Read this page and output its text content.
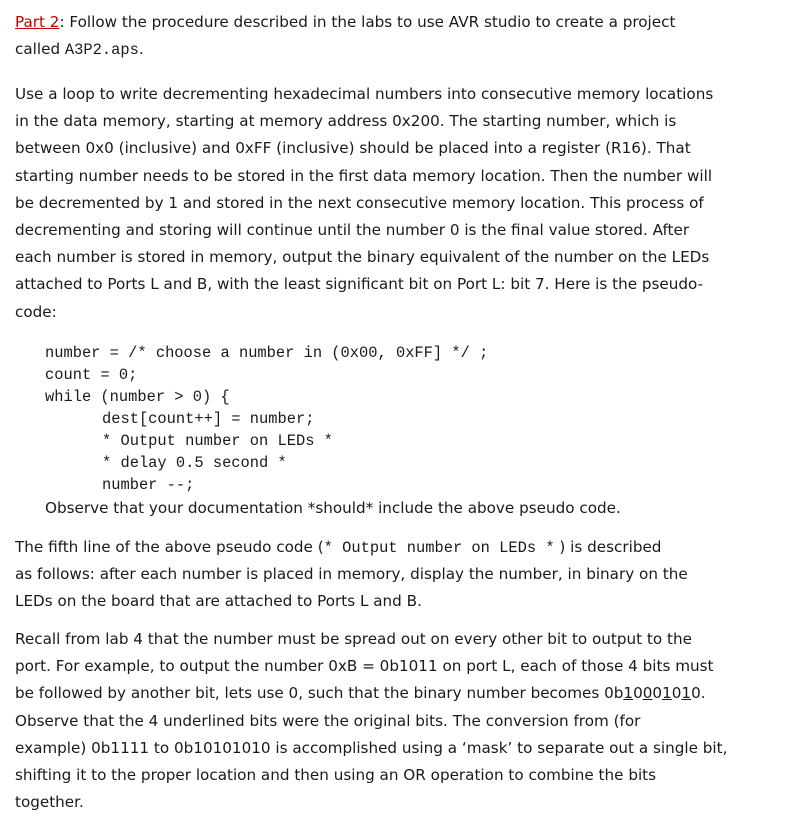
Part 2: Follow the procedure described in the labs to use AVR studio to create a project
called A3P2.aps.
Use a loop to write decrementing hexadecimal numbers into consecutive memory locations
in the data memory, starting at memory address 0x200. The starting number, which is
between 0x0 (inclusive) and 0xFF (inclusive) should be placed into a register (R16). That
starting number needs to be stored in the first data memory location. Then the number will
be decremented by 1 and stored in the next consecutive memory location. This process of
decrementing and storing will continue until the number 0 is the final value stored. After
each number is stored in memory, output the binary equivalent of the number on the LEDs
attached to Ports L and B, with the least significant bit on Port L: bit 7. Here is the pseudo-
code:
number = /* choose a number in (0x00, 0xFF] */ ;
count = 0;
while (number > 0) {
dest[count++] = number;
* Output number on LEDs *
* delay 0.5 second *
number --;
Observe that your documentation *should* include the above pseudo code.
The fifth line of the above pseudo code (* Output number on LEDs * ) is described
as follows: after each number is placed in memory, display the number, in binary on the
LEDs on the board that are attached to Ports L and B.
Recall from lab 4 that the number must be spread out on every other bit to output to the
port. For example, to output the number 0xB = 0b1011 on port L, each of those 4 bits must
be followed by another bit, lets use 0, such that the binary number becomes 0b10001010.
Observe that the 4 underlined bits were the original bits. The conversion from (for
example) 0b1111 to 0b10101010 is accomplished using a ‘mask’ to separate out a single bit,
shifting it to the proper location and then using an OR operation to combine the bits
together.
